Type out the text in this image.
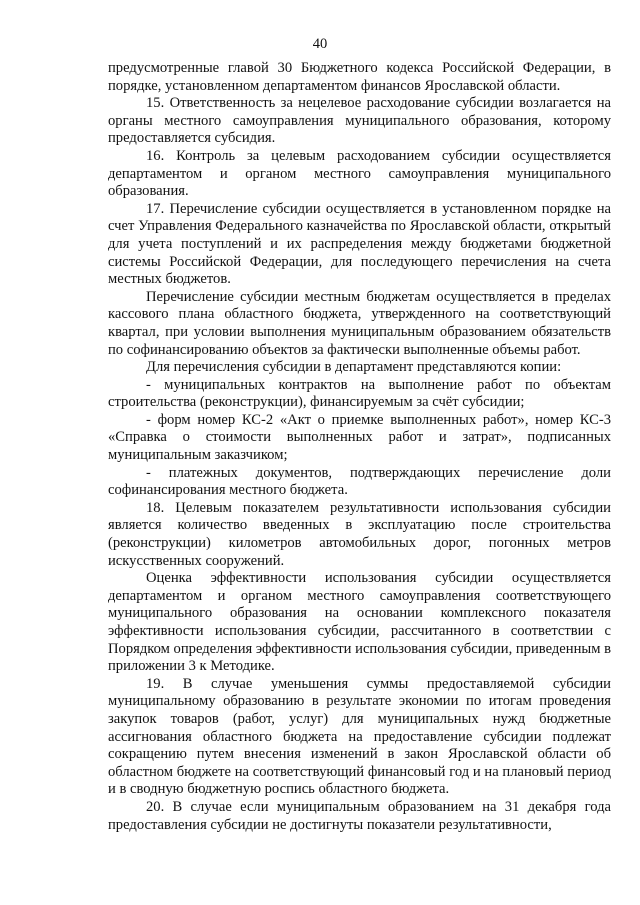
40

предусмотренные главой 30 Бюджетного кодекса Российской Федерации, в порядке, установленном департаментом финансов Ярославской области.

15. Ответственность за нецелевое расходование субсидии возлагается на органы местного самоуправления муниципального образования, которому предоставляется субсидия.

16. Контроль за целевым расходованием субсидии осуществляется департаментом и органом местного самоуправления муниципального образования.

17. Перечисление субсидии осуществляется в установленном порядке на счет Управления Федерального казначейства по Ярославской области, открытый для учета поступлений и их распределения между бюджетами бюджетной системы Российской Федерации, для последующего перечисления на счета местных бюджетов.

Перечисление субсидии местным бюджетам осуществляется в пределах кассового плана областного бюджета, утвержденного на соответствующий квартал, при условии выполнения муниципальным образованием обязательств по софинансированию объектов за фактически выполненные объемы работ.

Для перечисления субсидии в департамент представляются копии:

- муниципальных контрактов на выполнение работ по объектам строительства (реконструкции), финансируемым за счёт субсидии;

- форм номер КС-2 «Акт о приемке выполненных работ», номер КС-3 «Справка о стоимости выполненных работ и затрат», подписанных муниципальным заказчиком;

- платежных документов, подтверждающих перечисление доли софинансирования местного бюджета.

18. Целевым показателем результативности использования субсидии является количество введенных в эксплуатацию после строительства (реконструкции) километров автомобильных дорог, погонных метров искусственных сооружений.

Оценка эффективности использования субсидии осуществляется департаментом и органом местного самоуправления соответствующего муниципального образования на основании комплексного показателя эффективности использования субсидии, рассчитанного в соответствии с Порядком определения эффективности использования субсидии, приведенным в приложении 3 к Методике.

19. В случае уменьшения суммы предоставляемой субсидии муниципальному образованию в результате экономии по итогам проведения закупок товаров (работ, услуг) для муниципальных нужд бюджетные ассигнования областного бюджета на предоставление субсидии подлежат сокращению путем внесения изменений в закон Ярославской области об областном бюджете на соответствующий финансовый год и на плановый период и в сводную бюджетную роспись областного бюджета.

20. В случае если муниципальным образованием на 31 декабря года предоставления субсидии не достигнуты показатели результативности,
